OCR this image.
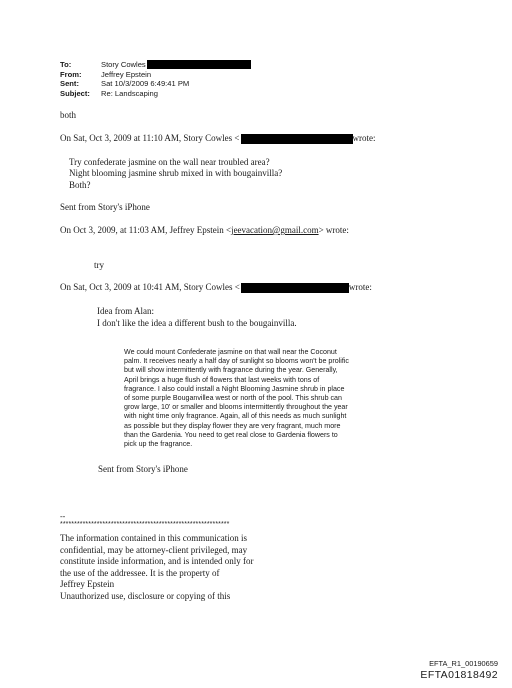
To:	Story Cowles
From:	Jeffrey Epstein
Sent:	Sat 10/3/2009 6:49:41 PM
Subject:	Re: Landscaping
both
On Sat, Oct 3, 2009 at 11:10 AM, Story Cowles <	wrote:
Try confederate jasmine on the wall near troubled area?
Night blooming jasmine shrub mixed in with bougainvilla?
Both?
Sent from Story's iPhone
On Oct 3, 2009, at 11:03 AM, Jeffrey Epstein <jeevacation@gmail.com> wrote:
try
On Sat, Oct 3, 2009 at 10:41 AM, Story Cowles <	wrote:
Idea from Alan:
I don't like the idea a different bush to the bougainvilla.
We could mount Confederate jasmine on that wall near the Coconut
palm. It receives nearly a half day of sunlight so blooms won't be prolific
but will show intermittently with fragrance during the year. Generally,
April brings a huge flush of flowers that last weeks with tons of
fragrance. I also could install a Night Blooming Jasmine shrub in place
of some purple Bouganvillea west or north of the pool. This shrub can
grow large, 10' or smaller and blooms intermittently throughout the year
with night time only fragrance. Again, all of this needs as much sunlight
as possible but they display flower they are very fragrant, much more
than the Gardenia. You need to get real close to Gardenia flowers to
pick up the fragrance.
Sent from Story's iPhone
--
************************************************************
The information contained in this communication is
confidential, may be attorney-client privileged, may
constitute inside information, and is intended only for
the use of the addressee. It is the property of
Jeffrey Epstein
Unauthorized use, disclosure or copying of this
EFTA_R1_00190659
EFTA01818492
